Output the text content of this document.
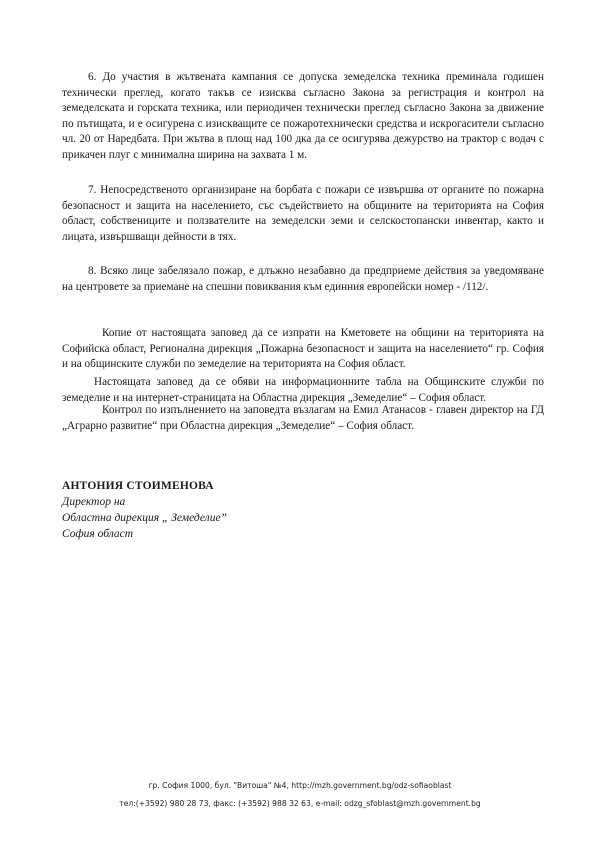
6. До участия в жътвената кампания се допуска земеделска техника преминала годишен технически преглед, когато такъв се изисква съгласно Закона за регистрация и контрол на земеделската и горската техника, или периодичен технически преглед съгласно Закона за движение по пътищата, и е осигурена с изискващите се пожаротехнически средства и искрогасители съгласно чл. 20 от Наредбата. При жътва в площ над 100 дка да се осигурява дежурство на трактор с водач с прикачен плуг с минимална ширина на захвата 1 м.

7. Непосредственото организиране на борбата с пожари се извършва от органите по пожарна безопасност и защита на населението, със съдействието на общините на територията на София област, собствениците и ползвателите на земеделски земи и селскостопански инвентар, както и лицата, извършващи дейности в тях.

8. Всяко лице забелязало пожар, е длъжно незабавно да предприеме действия за уведомяване на центровете за приемане на спешни повиквания към единния европейски номер - /112/.

Копие от настоящата заповед да се изпрати на Кметовете на общини на територията на Софийска област, Регионална дирекция „Пожарна безопасност и защита на населението“ гр. София и на общинските служби по земеделие на територията на София област.

Настоящата заповед да се обяви на информационните табла на Общинските служби по земеделие и на интернет-страницата на Областна дирекция „Земеделие“ – София област.

Контрол по изпълнението на заповедта възлагам на Емил Атанасов - главен директор на ГД „Аграрно развитие“ при Областна дирекция „Земеделие“ – София област.

АНТОНИЯ СТОИМЕНОВА
Директор на
Областна дирекция „ Земеделие”
София област
гр. София 1000, бул. "Витоша" №4, http://mzh.government.bg/odz-sofiaoblast
тел:(+3592) 980 28 73, факс: (+3592) 988 32 63, e-mail: odzg_sfoblast@mzh.government.bg
